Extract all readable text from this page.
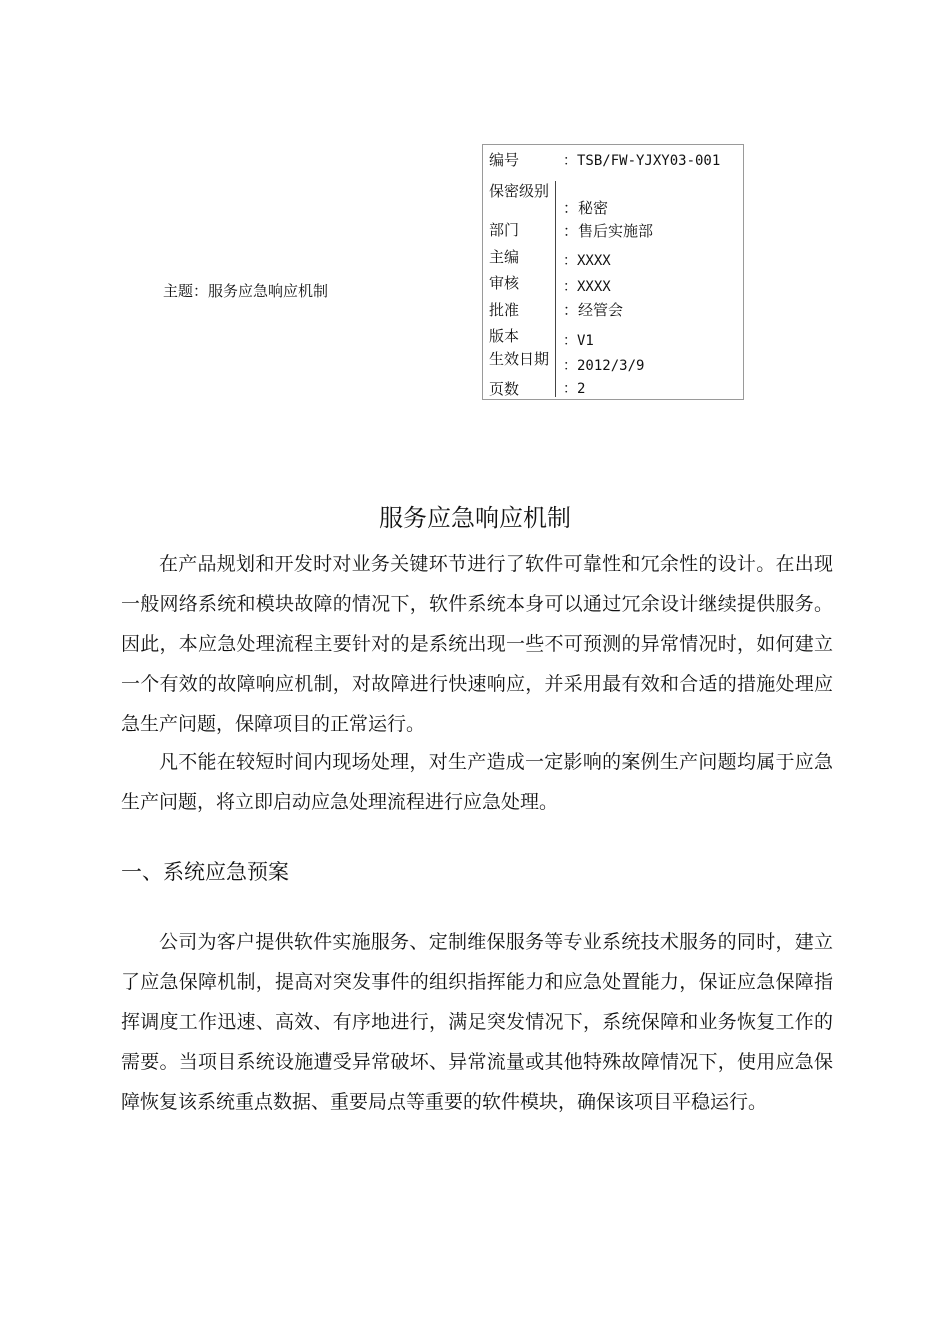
主题：服务应急响应机制
编号	：TSB/FW-YJXY03-001
保密级别
：秘密
部门	：售后实施部
主编	：XXXX
审核	：XXXX
批准	：经管会
版本	：V1
生效日期 ：2012/3/9
页数	：2
服务应急响应机制

在产品规划和开发时对业务关键环节进行了软件可靠性和冗余性的设计。在出现一般网络系统和模块故障的情况下，软件系统本身可以通过冗余设计继续提供服务。因此，本应急处理流程主要针对的是系统出现一些不可预测的异常情况时，如何建立一个有效的故障响应机制，对故障进行快速响应，并采用最有效和合适的措施处理应急生产问题，保障项目的正常运行。

凡不能在较短时间内现场处理，对生产造成一定影响的案例生产问题均属于应急生产问题，将立即启动应急处理流程进行应急处理。

一、系统应急预案

公司为客户提供软件实施服务、定制维保服务等专业系统技术服务的同时，建立了应急保障机制，提高对突发事件的组织指挥能力和应急处置能力，保证应急保障指挥调度工作迅速、高效、有序地进行，满足突发情况下，系统保障和业务恢复工作的需要。当项目系统设施遭受异常破坏、异常流量或其他特殊故障情况下，使用应急保障恢复该系统重点数据、重要局点等重要的软件模块，确保该项目平稳运行。
